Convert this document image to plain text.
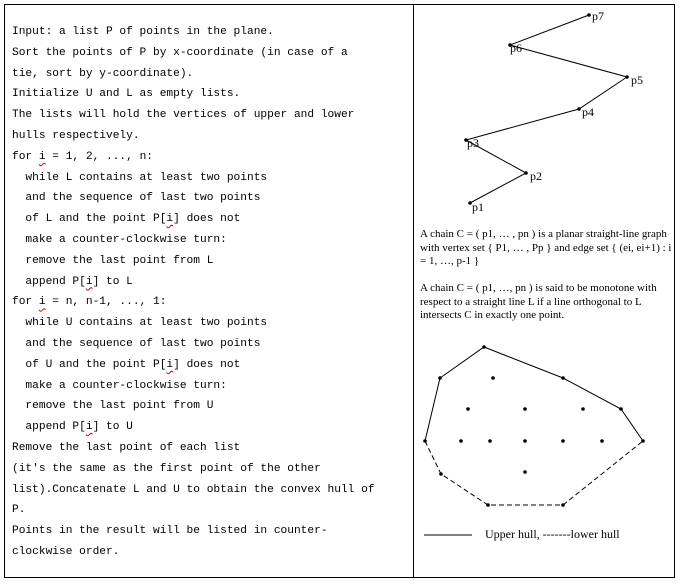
Input: a list P of points in the plane.
Sort the points of P by x-coordinate (in case of a
tie, sort by y-coordinate).
Initialize U and L as empty lists.
The lists will hold the vertices of upper and lower
hulls respectively.
for i = 1, 2, ..., n:
while L contains at least two points
and the sequence of last two points
of L and the point P[i] does not
make a counter-clockwise turn:
remove the last point from L
append P[i] to L
for i = n, n-1, ..., 1:
while U contains at least two points
and the sequence of last two points
of U and the point P[i] does not
make a counter-clockwise turn:
remove the last point from U
append P[i] to U
Remove the last point of each list
(it's the same as the first point of the other
list).Concatenate L and U to obtain the convex hull of
P.
Points in the result will be listed in counter-
clockwise order.
p1
p2
p3
p4
p5
p6
p7
A chain C = ( p1, … , pn ) is a planar straight-line graph with vertex set { P1, … , Pp } and edge set { (ei, ei+1) : i = 1, …, p-1 }
A chain C = ( p1, …, pn ) is said to be monotone with respect to a straight line L if a line orthogonal to L intersects C in exactly one point.
Upper hull, -------lower hull
